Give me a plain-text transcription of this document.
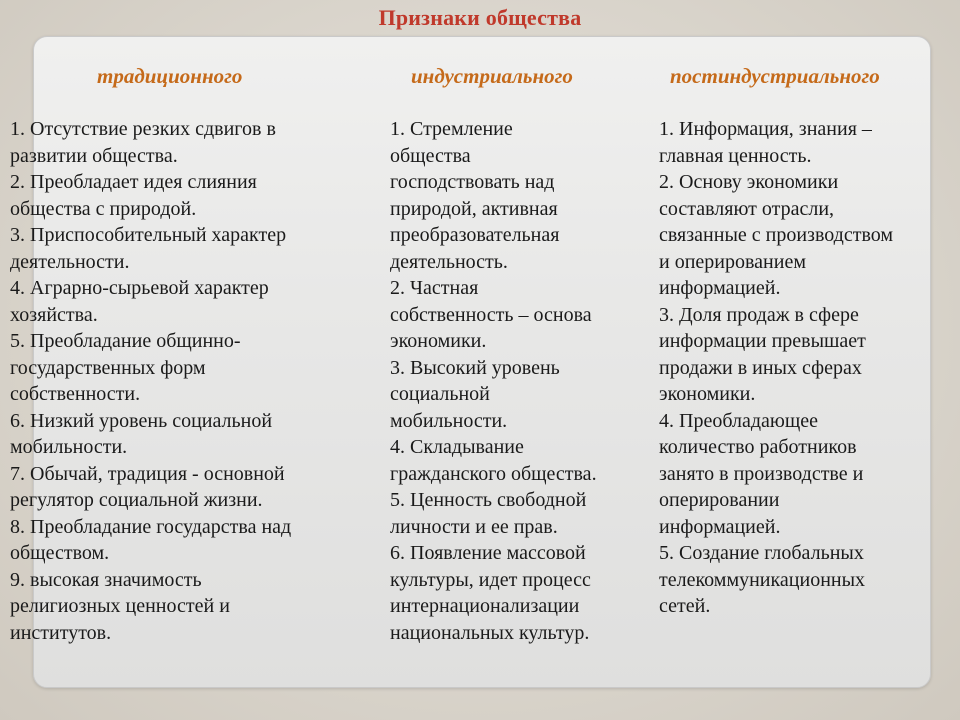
Признаки общества
традиционного	индустриального	постиндустриального
1. Отсутствие резких сдвигов в
развитии общества.
2. Преобладает идея слияния
общества с природой.
3. Приспособительный характер
деятельности.
4. Аграрно-сырьевой характер
хозяйства.
5. Преобладание общинно-
государственных форм
собственности.
6. Низкий уровень социальной
мобильности.
7. Обычай, традиция - основной
регулятор социальной жизни.
8. Преобладание государства над
обществом.
9. высокая значимость
религиозных ценностей и
институтов.
1. Стремление
общества
господствовать над
природой, активная
преобразовательная
деятельность.
2. Частная
собственность – основа
экономики.
3. Высокий уровень
социальной
мобильности.
4. Складывание
гражданского общества.
5. Ценность свободной
личности и ее прав.
6. Появление массовой
культуры, идет процесс
интернационализации
национальных культур.
1. Информация, знания –
главная ценность.
2. Основу экономики
составляют отрасли,
связанные с производством
и оперированием
информацией.
3. Доля продаж в сфере
информации превышает
продажи в иных сферах
экономики.
4. Преобладающее
количество работников
занято в производстве и
оперировании
информацией.
5. Создание глобальных
телекоммуникационных
сетей.
